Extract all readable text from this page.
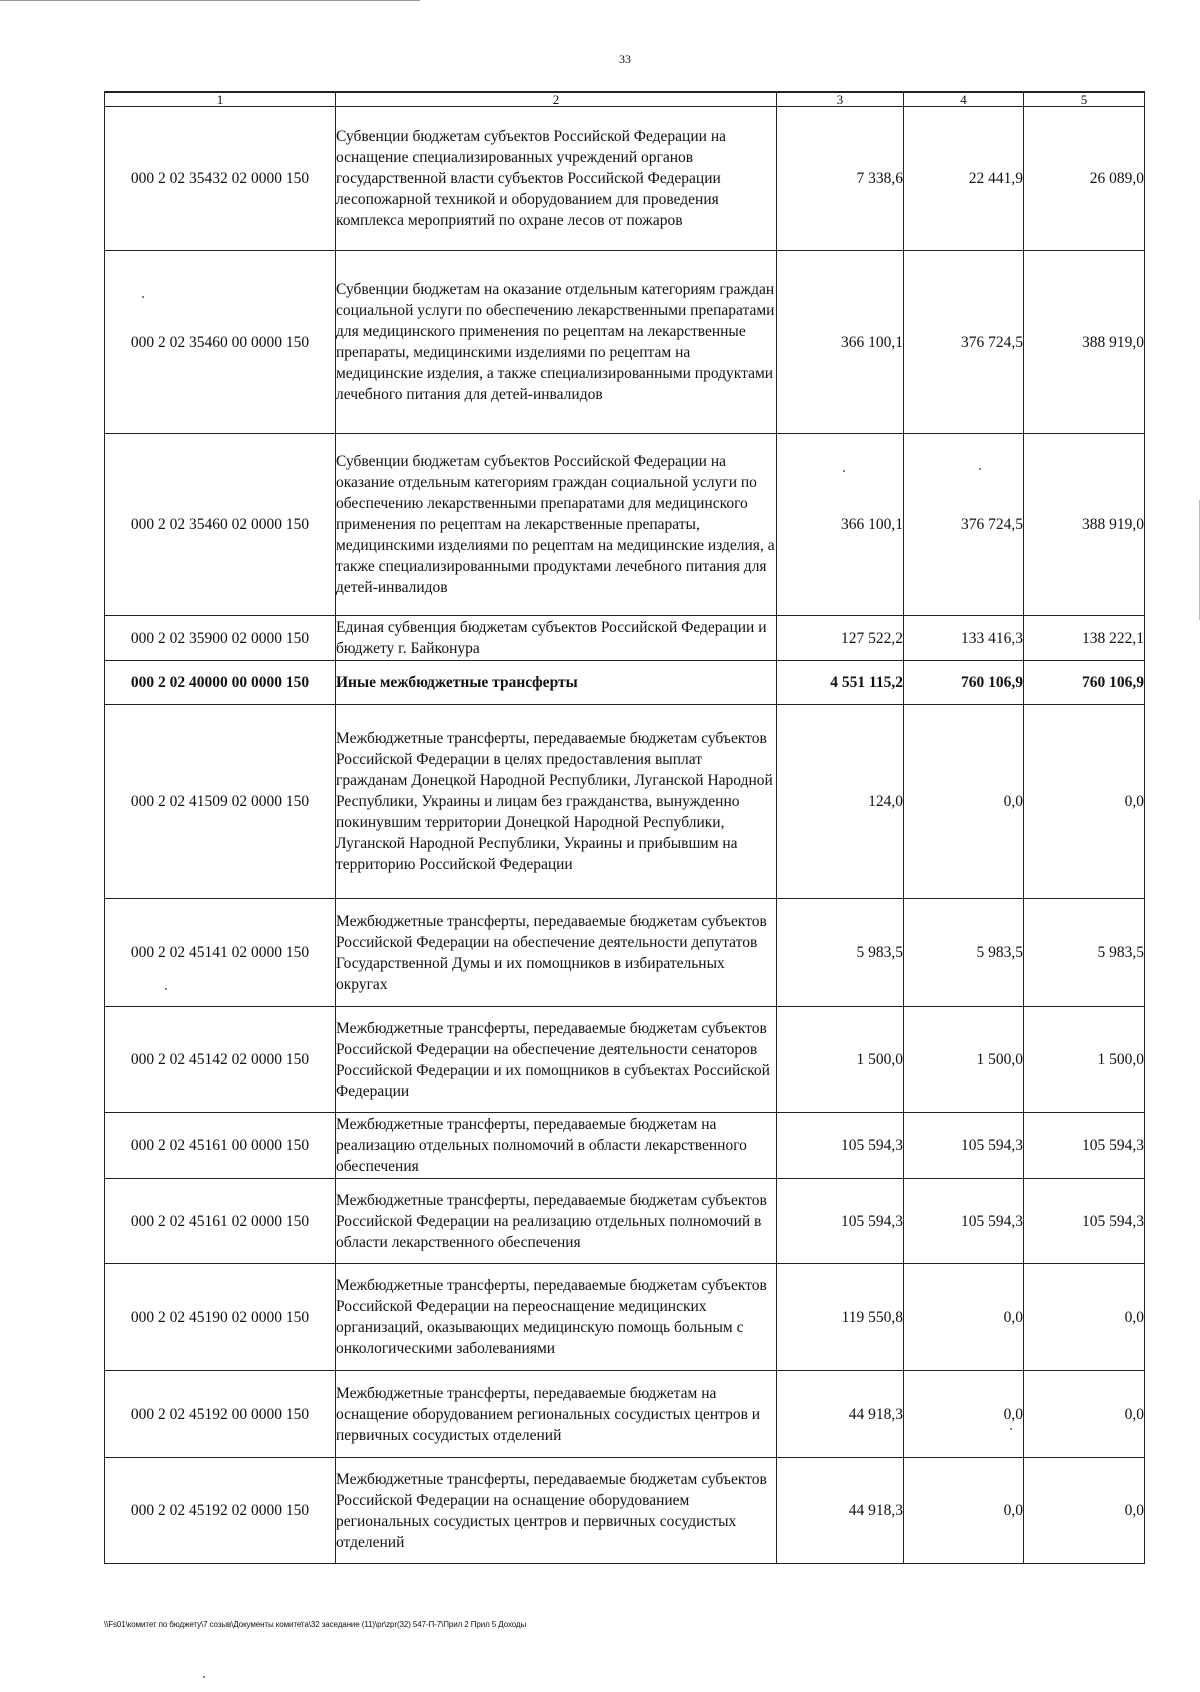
33
1	2	3	4	5
000 2 02 35432 02 0000 150	Субвенции бюджетам субъектов Российской Федерации на оснащение специализированных учреждений органов государственной власти субъектов Российской Федерации лесопожарной техникой и оборудованием для проведения комплекса мероприятий по охране лесов от пожаров	7 338,6	22 441,9	26 089,0
000 2 02 35460 00 0000 150	Субвенции бюджетам на оказание отдельным категориям граждан социальной услуги по обеспечению лекарственными препаратами для медицинского применения по рецептам на лекарственные препараты, медицинскими изделиями по рецептам на медицинские изделия, а также специализированными продуктами лечебного питания для детей-инвалидов	366 100,1	376 724,5	388 919,0
000 2 02 35460 02 0000 150	Субвенции бюджетам субъектов Российской Федерации на оказание отдельным категориям граждан социальной услуги по обеспечению лекарственными препаратами для медицинского применения по рецептам на лекарственные препараты, медицинскими изделиями по рецептам на медицинские изделия, а также специализированными продуктами лечебного питания для детей-инвалидов	366 100,1	376 724,5	388 919,0
000 2 02 35900 02 0000 150	Единая субвенция бюджетам субъектов Российской Федерации и бюджету г. Байконура	127 522,2	133 416,3	138 222,1
000 2 02 40000 00 0000 150	Иные межбюджетные трансферты	4 551 115,2	760 106,9	760 106,9
000 2 02 41509 02 0000 150	Межбюджетные трансферты, передаваемые бюджетам субъектов Российской Федерации в целях предоставления выплат гражданам Донецкой Народной Республики, Луганской Народной Республики, Украины и лицам без гражданства, вынужденно покинувшим территории Донецкой Народной Республики, Луганской Народной Республики, Украины и прибывшим на территорию Российской Федерации	124,0	0,0	0,0
000 2 02 45141 02 0000 150	Межбюджетные трансферты, передаваемые бюджетам субъектов Российской Федерации на обеспечение деятельности депутатов Государственной Думы и их помощников в избирательных округах	5 983,5	5 983,5	5 983,5
000 2 02 45142 02 0000 150	Межбюджетные трансферты, передаваемые бюджетам субъектов Российской Федерации на обеспечение деятельности сенаторов Российской Федерации и их помощников в субъектах Российской Федерации	1 500,0	1 500,0	1 500,0
000 2 02 45161 00 0000 150	Межбюджетные трансферты, передаваемые бюджетам на реализацию отдельных полномочий в области лекарственного обеспечения	105 594,3	105 594,3	105 594,3
000 2 02 45161 02 0000 150	Межбюджетные трансферты, передаваемые бюджетам субъектов Российской Федерации на реализацию отдельных полномочий в области лекарственного обеспечения	105 594,3	105 594,3	105 594,3
000 2 02 45190 02 0000 150	Межбюджетные трансферты, передаваемые бюджетам субъектов Российской Федерации на переоснащение медицинских организаций, оказывающих медицинскую помощь больным с онкологическими заболеваниями	119 550,8	0,0	0,0
000 2 02 45192 00 0000 150	Межбюджетные трансферты, передаваемые бюджетам на оснащение оборудованием региональных сосудистых центров и первичных сосудистых отделений	44 918,3	0,0	0,0
000 2 02 45192 02 0000 150	Межбюджетные трансферты, передаваемые бюджетам субъектов Российской Федерации на оснащение оборудованием региональных сосудистых центров и первичных сосудистых отделений	44 918,3	0,0	0,0
\\Fs01\комитет по бюджету\7 созыв\Документы комитета\32 заседание (11)\pr\zpr(32) 547-П-7\Прил 2 Прил 5 Доходы
